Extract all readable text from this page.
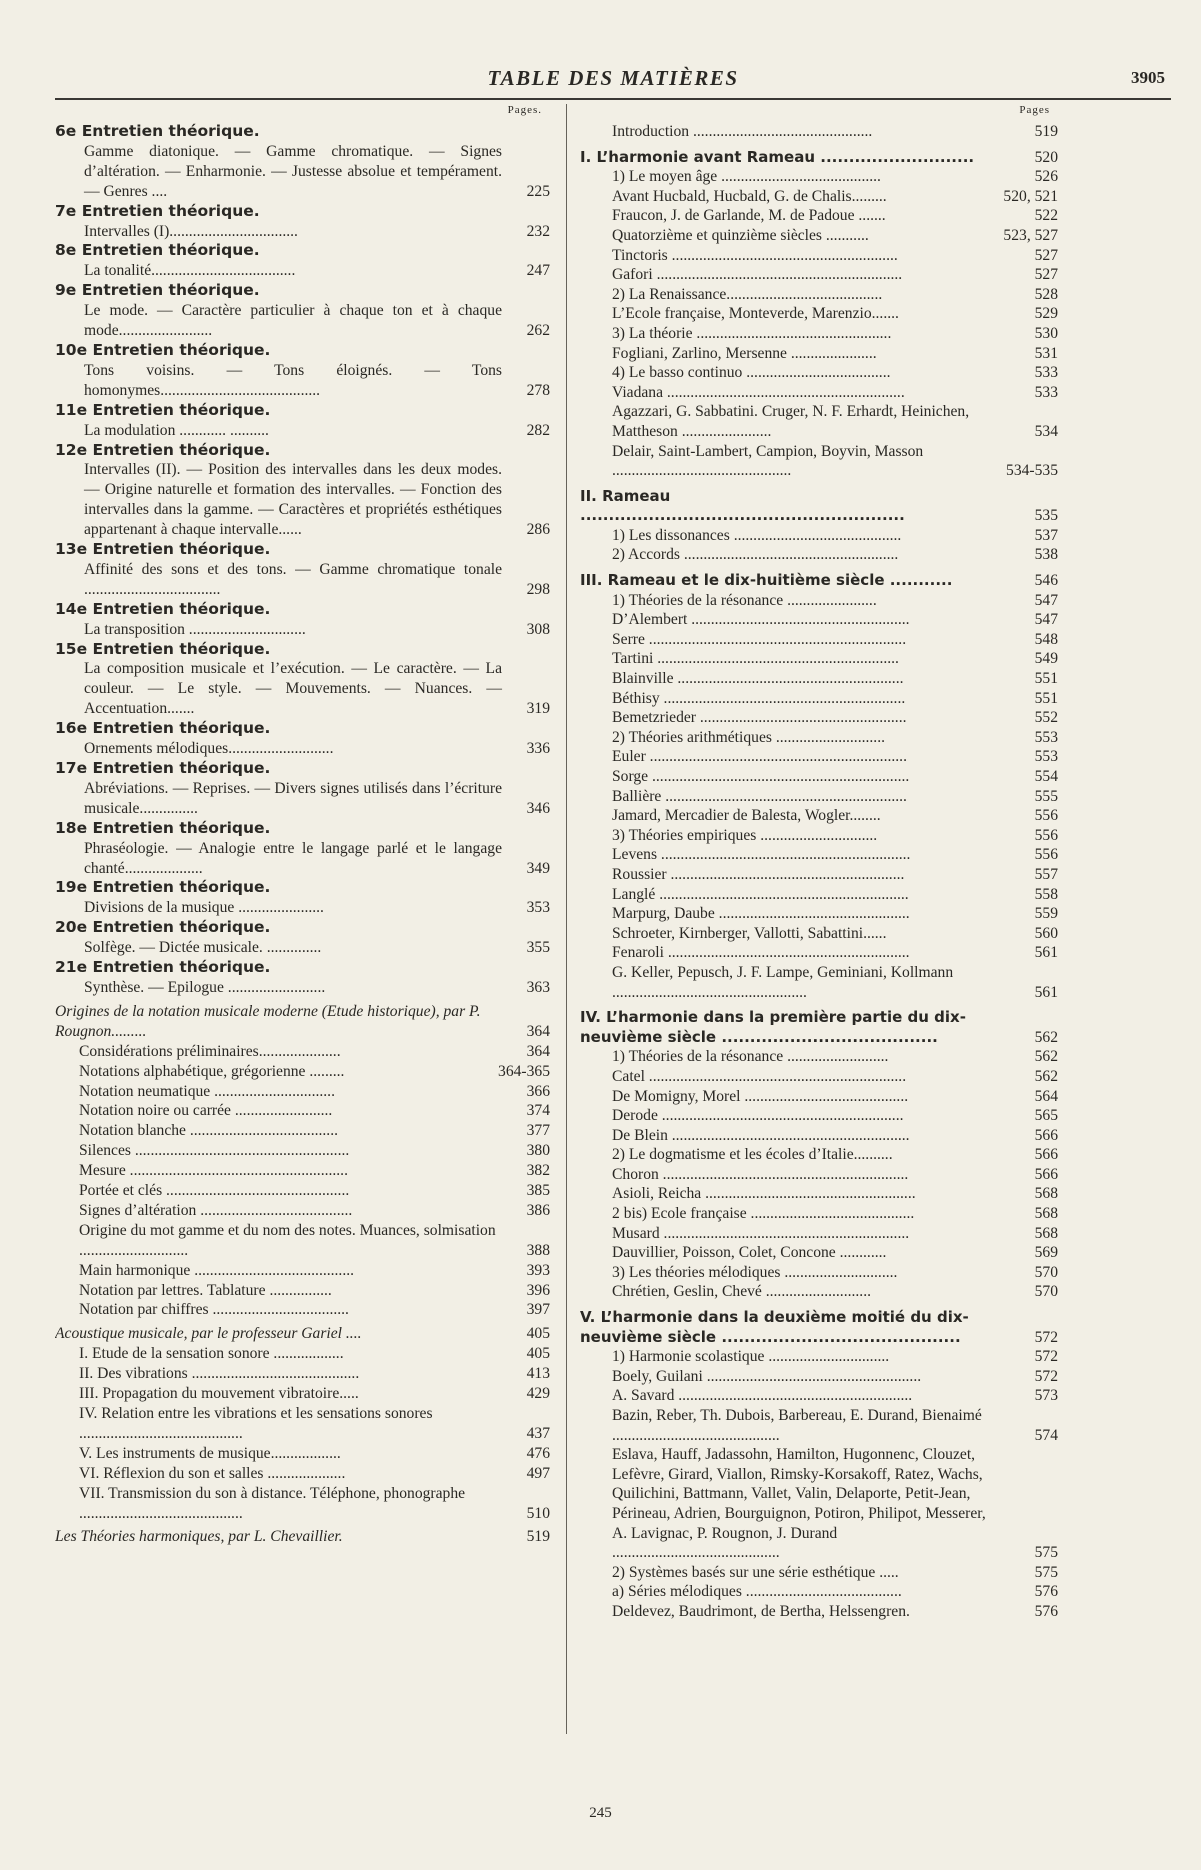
TABLE DES MATIÈRES	3905
Pages.
6e Entretien théorique.
Gamme diatonique. — Gamme chromatique. — Signes d’altération. — Enharmonie. — Justesse absolue et tempérament. — Genres ....	225
7e Entretien théorique.
Intervalles (I).................................	232
8e Entretien théorique.
La tonalité.....................................	247
9e Entretien théorique.
Le mode. — Caractère particulier à chaque ton et à chaque mode........................	262
10e Entretien théorique.
Tons voisins. — Tons éloignés. — Tons homonymes.........................................	278
11e Entretien théorique.
La modulation ............ ..........	282
12e Entretien théorique.
Intervalles (II). — Position des intervalles dans les deux modes. — Origine naturelle et formation des intervalles. — Fonction des intervalles dans la gamme. — Caractères et propriétés esthétiques appartenant à chaque intervalle......	286
13e Entretien théorique.
Affinité des sons et des tons. — Gamme chromatique tonale ...................................	298
14e Entretien théorique.
La transposition ..............................	308
15e Entretien théorique.
La composition musicale et l’exécution. — Le caractère. — La couleur. — Le style. — Mouvements. — Nuances. — Accentuation.......	319
16e Entretien théorique.
Ornements mélodiques...........................	336
17e Entretien théorique.
Abréviations. — Reprises. — Divers signes utilisés dans l’écriture musicale...............	346
18e Entretien théorique.
Phraséologie. — Analogie entre le langage parlé et le langage chanté....................	349
19e Entretien théorique.
Divisions de la musique ......................	353
20e Entretien théorique.
Solfège. — Dictée musicale. ..............	355
21e Entretien théorique.
Synthèse. — Epilogue .........................	363
Origines de la notation musicale moderne (Etude historique), par P. Rougnon.........	364
Considérations préliminaires.....................	364
Notations alphabétique, grégorienne .........	364-365
Notation neumatique ...............................	366
Notation noire ou carrée .........................	374
Notation blanche ......................................	377
Silences .......................................................	380
Mesure ........................................................	382
Portée et clés ...............................................	385
Signes d’altération .......................................	386
Origine du mot gamme et du nom des notes. Muances, solmisation ............................	388
Main harmonique .........................................	393
Notation par lettres. Tablature ................	396
Notation par chiffres ...................................	397
Acoustique musicale, par le professeur Gariel ....	405
I. Etude de la sensation sonore ..................	405
II. Des vibrations ...........................................	413
III. Propagation du mouvement vibratoire.....	429
IV. Relation entre les vibrations et les sensations sonores ..........................................	437
V. Les instruments de musique..................	476
VI. Réflexion du son et salles ....................	497
VII. Transmission du son à distance. Téléphone, phonographe ..........................................	510
Les Théories harmoniques, par L. Chevaillier.	519
Pages
Introduction ..............................................	519
I. L’harmonie avant Rameau ...........................	520
1) Le moyen âge .........................................	526
Avant Hucbald, Hucbald, G. de Chalis.........	520, 521
Fraucon, J. de Garlande, M. de Padoue .......	522
Quatorzième et quinzième siècles ...........	523, 527
Tinctoris ..........................................................	527
Gafori ...............................................................	527
2) La Renaissance........................................	528
L’Ecole française, Monteverde, Marenzio.......	529
3) La théorie ..................................................	530
Fogliani, Zarlino, Mersenne ......................	531
4) Le basso continuo .....................................	533
Viadana .............................................................	533
Agazzari, G. Sabbatini. Cruger, N. F. Erhardt, Heinichen, Mattheson .......................	534
Delair, Saint-Lambert, Campion, Boyvin, Masson ..............................................	534-535
II. Rameau .........................................................	535
1) Les dissonances ...........................................	537
2) Accords .......................................................	538
III. Rameau et le dix-huitième siècle ...........	546
1) Théories de la résonance .......................	547
D’Alembert ........................................................	547
Serre ..................................................................	548
Tartini ..............................................................	549
Blainville ..........................................................	551
Béthisy ..............................................................	551
Bemetzrieder .....................................................	552
2) Théories arithmétiques ............................	553
Euler ..................................................................	553
Sorge ..................................................................	554
Ballière ..............................................................	555
Jamard, Mercadier de Balesta, Wogler........	556
3) Théories empiriques ..............................	556
Levens ................................................................	556
Roussier ............................................................	557
Langlé ................................................................	558
Marpurg, Daube .................................................	559
Schroeter, Kirnberger, Vallotti, Sabattini......	560
Fenaroli ..............................................................	561
G. Keller, Pepusch, J. F. Lampe, Geminiani, Kollmann ..................................................	561
IV. L’harmonie dans la première partie du dix-neuvième siècle ......................................	562
1) Théories de la résonance ..........................	562
Catel ..................................................................	562
De Momigny, Morel ..........................................	564
Derode ..............................................................	565
De Blein .............................................................	566
2) Le dogmatisme et les écoles d’Italie..........	566
Choron ...............................................................	566
Asioli, Reicha ......................................................	568
2 bis) Ecole française ..........................................	568
Musard ...............................................................	568
Dauvillier, Poisson, Colet, Concone ............	569
3) Les théories mélodiques .............................	570
Chrétien, Geslin, Chevé ...........................	570
V. L’harmonie dans la deuxième moitié du dix-neuvième siècle ..........................................	572
1) Harmonie scolastique ...............................	572
Boely, Guilani .......................................................	572
A. Savard ............................................................	573
Bazin, Reber, Th. Dubois, Barbereau, E. Durand, Bienaimé ...........................................	574
Eslava, Hauff, Jadassohn, Hamilton, Hugonnenc, Clouzet, Lefèvre, Girard, Viallon, Rimsky-Korsakoff, Ratez, Wachs, Quilichini, Battmann, Vallet, Valin, Delaporte, Petit-Jean, Périneau, Adrien, Bourguignon, Potiron, Philipot, Messerer, A. Lavignac, P. Rougnon, J. Durand ...........................................	575
2) Systèmes basés sur une série esthétique .....	575
a) Séries mélodiques ........................................	576
Deldevez, Baudrimont, de Bertha, Helssengren.	576
245
